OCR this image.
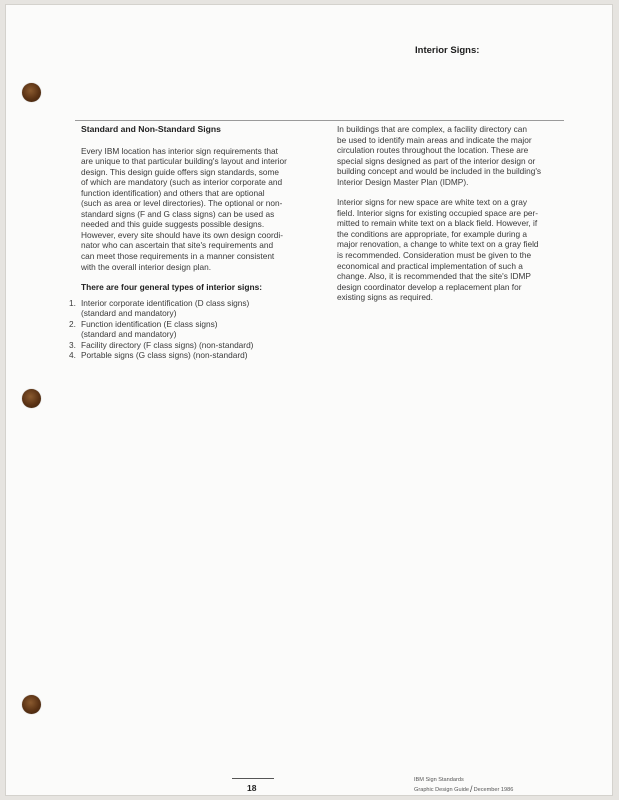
Interior Signs:
Standard and Non-Standard Signs
Every IBM location has interior sign requirements that
are unique to that particular building's layout and interior
design. This design guide offers sign standards, some
of which are mandatory (such as interior corporate and
function identification) and others that are optional
(such as area or level directories). The optional or non-
standard signs (F and G class signs) can be used as
needed and this guide suggests possible designs.
However, every site should have its own design coordi-
nator who can ascertain that site's requirements and
can meet those requirements in a manner consistent
with the overall interior design plan.
There are four general types of interior signs:
1. Interior corporate identification (D class signs)
(standard and mandatory)
2. Function identification (E class signs)
(standard and mandatory)
3. Facility directory (F class signs) (non-standard)
4. Portable signs (G class signs) (non-standard)
In buildings that are complex, a facility directory can
be used to identify main areas and indicate the major
circulation routes throughout the location. These are
special signs designed as part of the interior design or
building concept and would be included in the building's
Interior Design Master Plan (IDMP).
Interior signs for new space are white text on a gray
field. Interior signs for existing occupied space are per-
mitted to remain white text on a black field. However, if
the conditions are appropriate, for example during a
major renovation, a change to white text on a gray field
is recommended. Consideration must be given to the
economical and practical implementation of such a
change. Also, it is recommended that the site's IDMP
design coordinator develop a replacement plan for
existing signs as required.
18
IBM Sign Standards
Graphic Design Guide/December 1986
